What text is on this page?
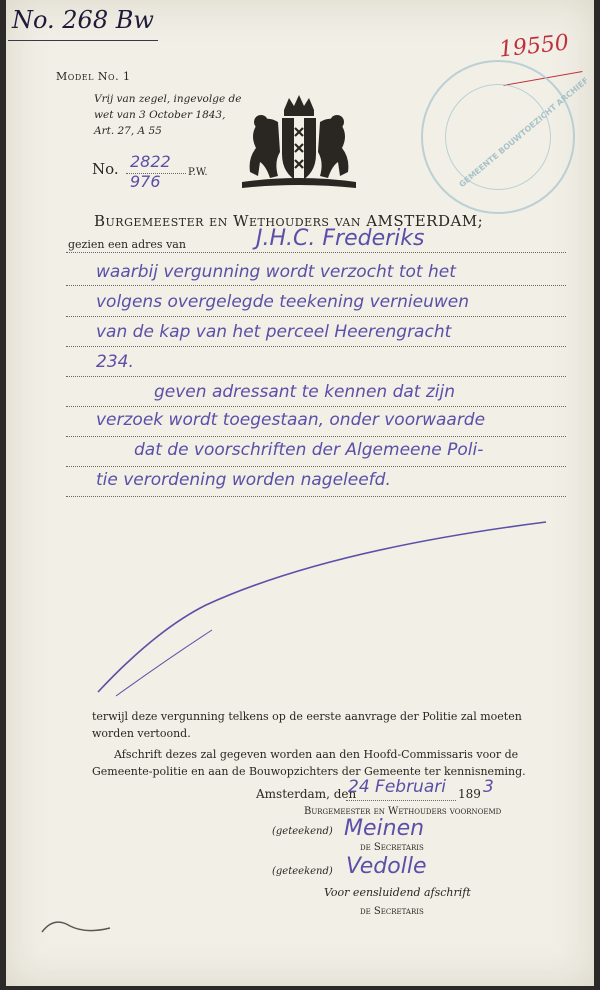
No. 268 Bw
19550
Model No. 1
Vrij van zegel, ingevolge de
wet van 3 October 1843,
Art. 27, A 55	GEMEENTE BOUWTOEZICHT ARCHIEF
No. 2822
976	P.W.
Burgemeester en Wethouders van AMSTERDAM;
gezien een adres van	J.H.C. Frederiks
waarbij vergunning wordt verzocht tot het
volgens overgelegde teekening vernieuwen
van de kap van het perceel Heerengracht
234.
geven adressant te kennen dat zijn
verzoek wordt toegestaan, onder voorwaarde
dat de voorschriften der Algemeene Poli-
tie verordening worden nageleefd.
terwijl deze vergunning telkens op de eerste aanvrage der Politie zal moeten
worden vertoond.
Afschrift dezes zal gegeven worden aan den Hoofd-Commissaris voor de
Gemeente-politie en aan de Bouwopzichters der Gemeente ter kennisneming.
Amsterdam, den
24 Februari 189 3
Burgemeester en Wethouders voornoemd
(geteekend) Meinen
de Secretaris
(geteekend) Vedolle
Voor eensluidend afschrift
de Secretaris
